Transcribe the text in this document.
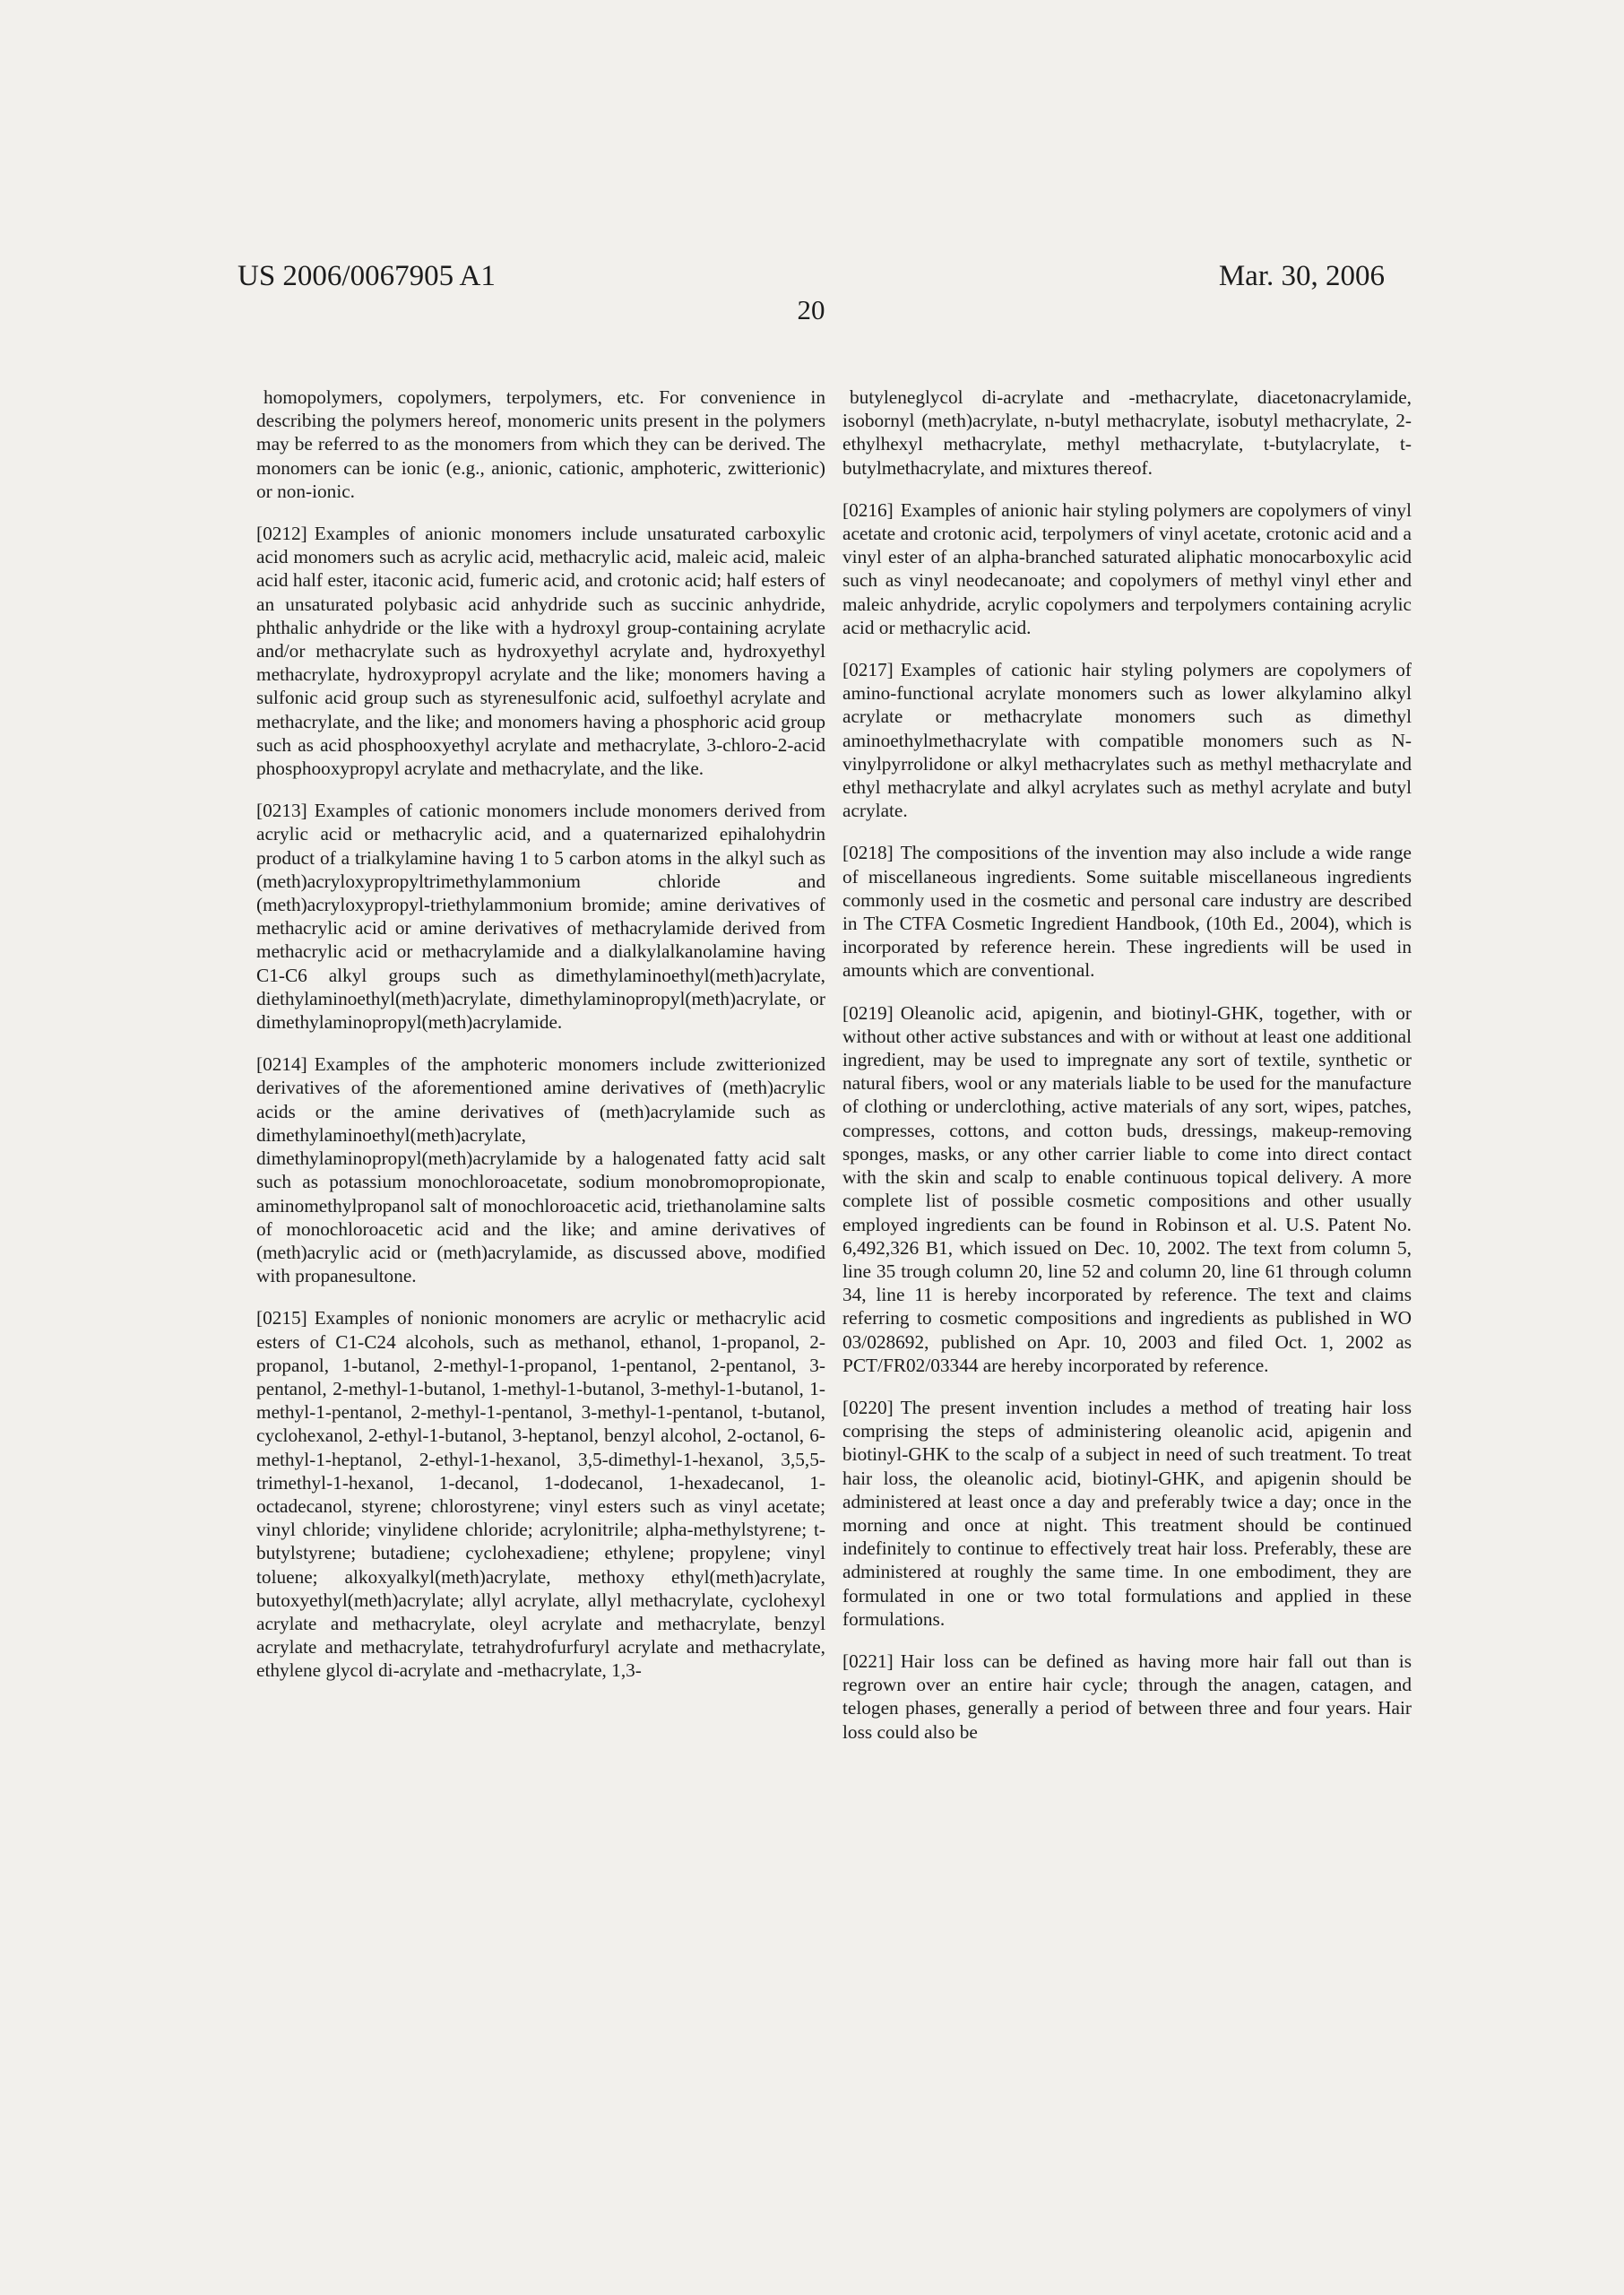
US 2006/0067905 A1	Mar. 30, 2006
20

homopolymers, copolymers, terpolymers, etc. For convenience in describing the polymers hereof, monomeric units present in the polymers may be referred to as the monomers from which they can be derived. The monomers can be ionic (e.g., anionic, cationic, amphoteric, zwitterionic) or non-ionic.

[0212] Examples of anionic monomers include unsaturated carboxylic acid monomers such as acrylic acid, methacrylic acid, maleic acid, maleic acid half ester, itaconic acid, fumeric acid, and crotonic acid; half esters of an unsaturated polybasic acid anhydride such as succinic anhydride, phthalic anhydride or the like with a hydroxyl group-containing acrylate and/or methacrylate such as hydroxyethyl acrylate and, hydroxyethyl methacrylate, hydroxypropyl acrylate and the like; monomers having a sulfonic acid group such as styrenesulfonic acid, sulfoethyl acrylate and methacrylate, and the like; and monomers having a phosphoric acid group such as acid phosphooxyethyl acrylate and methacrylate, 3-chloro-2-acid phosphooxypropyl acrylate and methacrylate, and the like.

[0213] Examples of cationic monomers include monomers derived from acrylic acid or methacrylic acid, and a quaternarized epihalohydrin product of a trialkylamine having 1 to 5 carbon atoms in the alkyl such as (meth)acryloxypropyltrimethylammonium chloride and (meth)acryloxypropyl-triethylammonium bromide; amine derivatives of methacrylic acid or amine derivatives of methacrylamide derived from methacrylic acid or methacrylamide and a dialkylalkanolamine having C1-C6 alkyl groups such as dimethylaminoethyl(meth)acrylate, diethylaminoethyl(meth)acrylate, dimethylaminopropyl(meth)acrylate, or dimethylaminopropyl(meth)acrylamide.

[0214] Examples of the amphoteric monomers include zwitterionized derivatives of the aforementioned amine derivatives of (meth)acrylic acids or the amine derivatives of (meth)acrylamide such as dimethylaminoethyl(meth)acrylate, dimethylaminopropyl(meth)acrylamide by a halogenated fatty acid salt such as potassium monochloroacetate, sodium monobromopropionate, aminomethylpropanol salt of monochloroacetic acid, triethanolamine salts of monochloroacetic acid and the like; and amine derivatives of (meth)acrylic acid or (meth)acrylamide, as discussed above, modified with propanesultone.

[0215] Examples of nonionic monomers are acrylic or methacrylic acid esters of C1-C24 alcohols, such as methanol, ethanol, 1-propanol, 2-propanol, 1-butanol, 2-methyl-1-propanol, 1-pentanol, 2-pentanol, 3-pentanol, 2-methyl-1-butanol, 1-methyl-1-butanol, 3-methyl-1-butanol, 1-methyl-1-pentanol, 2-methyl-1-pentanol, 3-methyl-1-pentanol, t-butanol, cyclohexanol, 2-ethyl-1-butanol, 3-heptanol, benzyl alcohol, 2-octanol, 6-methyl-1-heptanol, 2-ethyl-1-hexanol, 3,5-dimethyl-1-hexanol, 3,5,5-trimethyl-1-hexanol, 1-decanol, 1-dodecanol, 1-hexadecanol, 1-octadecanol, styrene; chlorostyrene; vinyl esters such as vinyl acetate; vinyl chloride; vinylidene chloride; acrylonitrile; alpha-methylstyrene; t-butylstyrene; butadiene; cyclohexadiene; ethylene; propylene; vinyl toluene; alkoxyalkyl(meth)acrylate, methoxy ethyl(meth)acrylate, butoxyethyl(meth)acrylate; allyl acrylate, allyl methacrylate, cyclohexyl acrylate and methacrylate, oleyl acrylate and methacrylate, benzyl acrylate and methacrylate, tetrahydrofurfuryl acrylate and methacrylate, ethylene glycol di-acrylate and -methacrylate, 1,3-

butyleneglycol di-acrylate and -methacrylate, diacetonacrylamide, isobornyl (meth)acrylate, n-butyl methacrylate, isobutyl methacrylate, 2-ethylhexyl methacrylate, methyl methacrylate, t-butylacrylate, t-butylmethacrylate, and mixtures thereof.

[0216] Examples of anionic hair styling polymers are copolymers of vinyl acetate and crotonic acid, terpolymers of vinyl acetate, crotonic acid and a vinyl ester of an alpha-branched saturated aliphatic monocarboxylic acid such as vinyl neodecanoate; and copolymers of methyl vinyl ether and maleic anhydride, acrylic copolymers and terpolymers containing acrylic acid or methacrylic acid.

[0217] Examples of cationic hair styling polymers are copolymers of amino-functional acrylate monomers such as lower alkylamino alkyl acrylate or methacrylate monomers such as dimethyl aminoethylmethacrylate with compatible monomers such as N-vinylpyrrolidone or alkyl methacrylates such as methyl methacrylate and ethyl methacrylate and alkyl acrylates such as methyl acrylate and butyl acrylate.

[0218] The compositions of the invention may also include a wide range of miscellaneous ingredients. Some suitable miscellaneous ingredients commonly used in the cosmetic and personal care industry are described in The CTFA Cosmetic Ingredient Handbook, (10th Ed., 2004), which is incorporated by reference herein. These ingredients will be used in amounts which are conventional.

[0219] Oleanolic acid, apigenin, and biotinyl-GHK, together, with or without other active substances and with or without at least one additional ingredient, may be used to impregnate any sort of textile, synthetic or natural fibers, wool or any materials liable to be used for the manufacture of clothing or underclothing, active materials of any sort, wipes, patches, compresses, cottons, and cotton buds, dressings, makeup-removing sponges, masks, or any other carrier liable to come into direct contact with the skin and scalp to enable continuous topical delivery. A more complete list of possible cosmetic compositions and other usually employed ingredients can be found in Robinson et al. U.S. Patent No. 6,492,326 B1, which issued on Dec. 10, 2002. The text from column 5, line 35 trough column 20, line 52 and column 20, line 61 through column 34, line 11 is hereby incorporated by reference. The text and claims referring to cosmetic compositions and ingredients as published in WO 03/028692, published on Apr. 10, 2003 and filed Oct. 1, 2002 as PCT/FR02/03344 are hereby incorporated by reference.

[0220] The present invention includes a method of treating hair loss comprising the steps of administering oleanolic acid, apigenin and biotinyl-GHK to the scalp of a subject in need of such treatment. To treat hair loss, the oleanolic acid, biotinyl-GHK, and apigenin should be administered at least once a day and preferably twice a day; once in the morning and once at night. This treatment should be continued indefinitely to continue to effectively treat hair loss. Preferably, these are administered at roughly the same time. In one embodiment, they are formulated in one or two total formulations and applied in these formulations.

[0221] Hair loss can be defined as having more hair fall out than is regrown over an entire hair cycle; through the anagen, catagen, and telogen phases, generally a period of between three and four years. Hair loss could also be
